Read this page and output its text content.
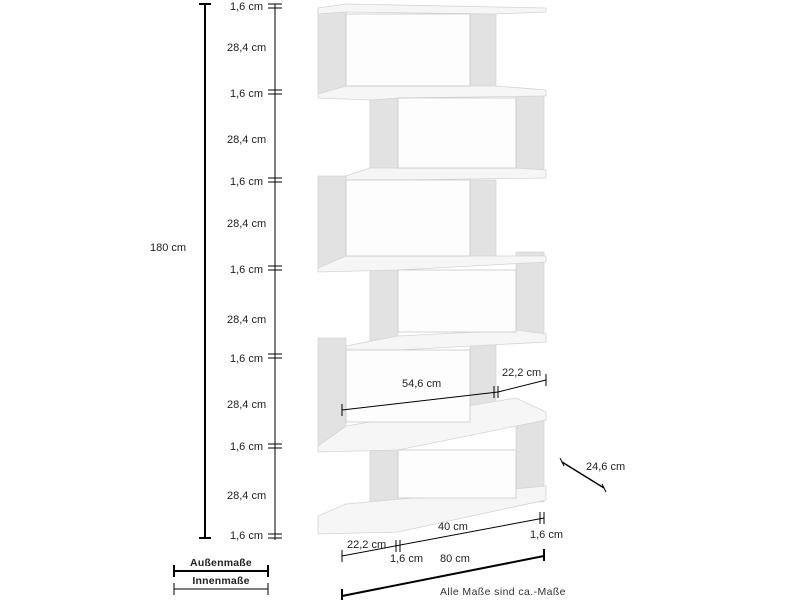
180 cm
1,6 cm
28,4 cm
1,6 cm
28,4 cm
1,6 cm
28,4 cm
1,6 cm
28,4 cm
1,6 cm
28,4 cm
1,6 cm
28,4 cm
1,6 cm
54,6 cm
22,2 cm
24,6 cm
40 cm
22,2 cm
1,6 cm
1,6 cm
80 cm
Außenmaße
Innenmaße
Alle Maße sind ca.-Maße
